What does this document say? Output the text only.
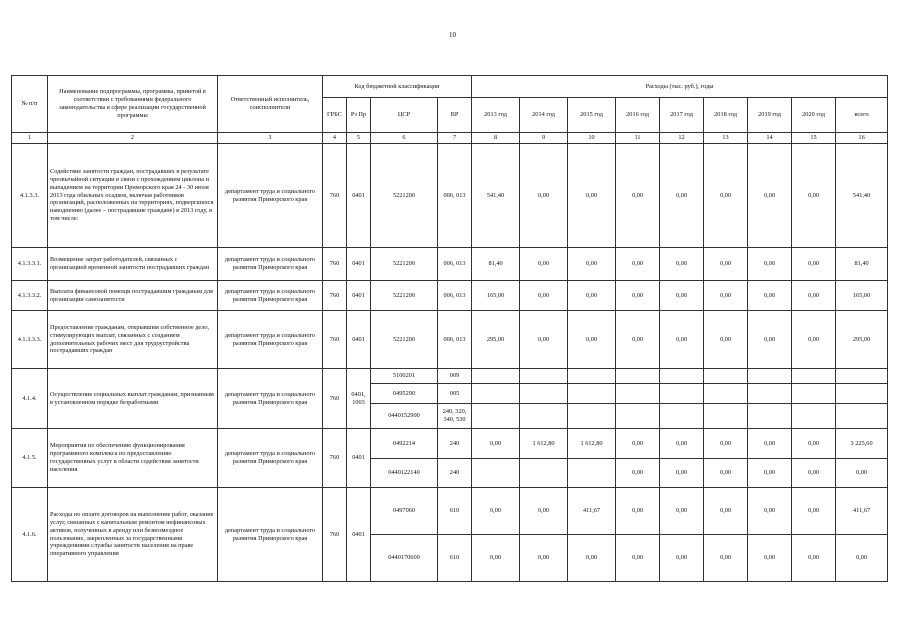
10
№ п/п	Наименование подпрограммы, программы, приветой в соответствии с требованиями федерального законодательства в сфере реализации государственной программы	Ответственный исполнитель, соисполнители	Код бюджетной классификации				Расходы (тыс. руб.), годы								
			ГРБС	Рз Пр	ЦСР	ВР	2013 год	2014 год	2015 год	2016 год	2017 год	2018 год	2019 год	2020 год	всего
1	2	3	4	5	6	7	8	9	10	11	12	13	14	15	16
4.1.3.3.	Содействие занятости граждан, пострадавших в результате чрезвычайной ситуации в связи с прохождением циклона и выпадением на территории Приморского края 24 - 30 июля 2013 года обильных осадков, включая работников организаций, расположенных на территориях, подвергшихся наводнению (далее – пострадавшие граждане) в 2013 году, в том числе:	департамент труда и социального развития Приморского края	760	0401	5221200	006, 013	541,40	0,00	0,00	0,00	0,00	0,00	0,00	0,00	541,40
4.1.3.3.1.	Возмещение затрат работодателей, связанных с организацией временной занятости пострадавших граждан	департамент труда и социального развития Приморского края	760	0401	5221200	006, 013	81,40	0,00	0,00	0,00	0,00	0,00	0,00	0,00	81,40
4.1.3.3.2.	Выплата финансовой помощи пострадавшим гражданам для организации самозанятости	департамент труда и социального развития Приморского края	760	0401	5221200	006, 013	165,00	0,00	0,00	0,00	0,00	0,00	0,00	0,00	165,00
4.1.3.3.3.	Предоставление гражданам, открывшим собственное дело, стимулирующих выплат, связанных с созданием дополнительных рабочих мест для трудоустройства пострадавших граждан	департамент труда и социального развития Приморского края	760	0401	5221200	006, 013	295,00	0,00	0,00	0,00	0,00	0,00	0,00	0,00	295,00
4.1.4.	Осуществление социальных выплат гражданам, признанным в установленном порядке безработными	департамент труда и социального развития Приморского края	760	0401, 1003	5100201	009									
					0495290	005									
					0440152900	240, 320, 340, 530									
4.1.5.	Мероприятия по обеспечению функционирования программного комплекса по предоставлению государственных услуг в области содействия занятости населения	департамент труда и социального развития Приморского края	760	0401	0492214	240	0,00	1 612,80	1 612,80	0,00	0,00	0,00	0,00	0,00	3 225,60
					0440122140	240				0,00	0,00	0,00	0,00	0,00	0,00
4.1.6.	Расходы по оплате договоров на выполнение работ, оказание услуг, связанных с капитальным ремонтом нефинансовых активов, полученных в аренду или безвозмездное пользование, закрепленных за государственными учреждениями службы занятости населения на праве оперативного управления	департамент труда и социального развития Приморского края	760	0401	0497060	610	0,00	0,00	411,67	0,00	0,00	0,00	0,00	0,00	411,67
					0440170600	610	0,00	0,00	0,00	0,00	0,00	0,00	0,00	0,00	0,00
